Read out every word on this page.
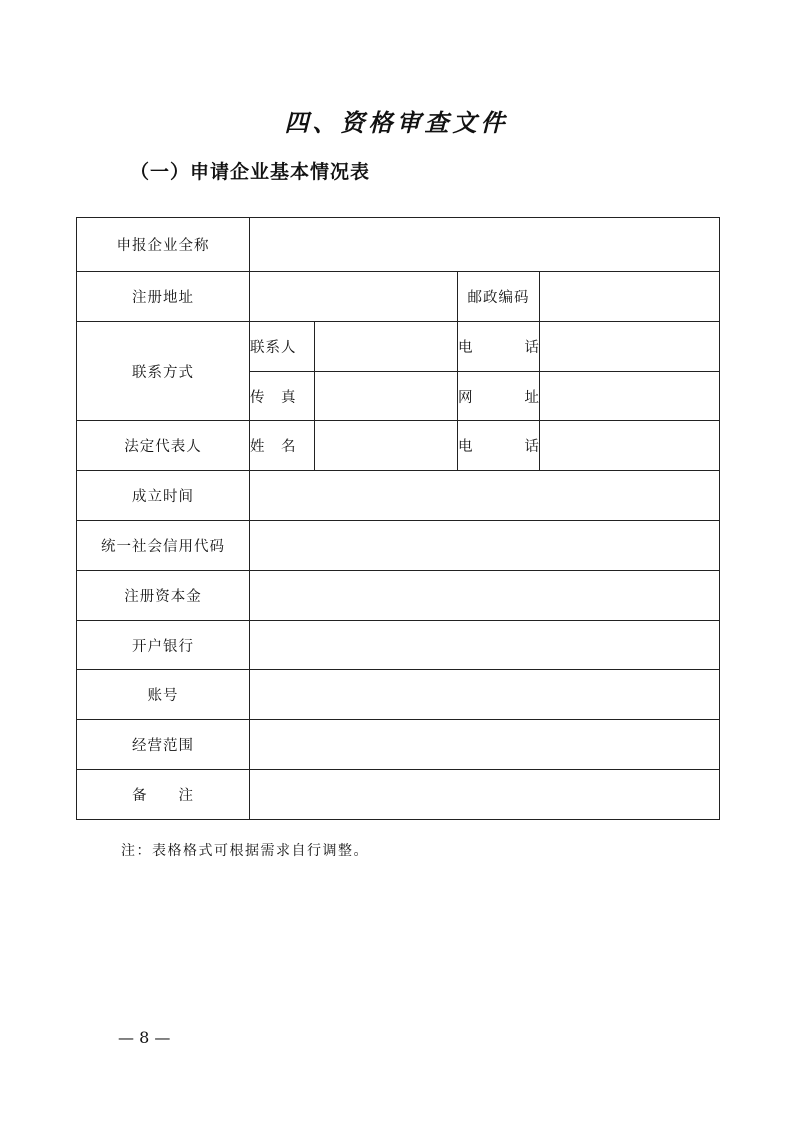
四、资格审查文件
（一）申请企业基本情况表
申报企业全称				
注册地址			邮政编码	
联系方式	联系人		电　话	
	传　真		网　址	
法定代表人	姓　名		电　话	
成立时间				
统一社会信用代码				
注册资本金				
开户银行				
账号				
经营范围				
备　　注				
注：表格格式可根据需求自行调整。
— 8 —
